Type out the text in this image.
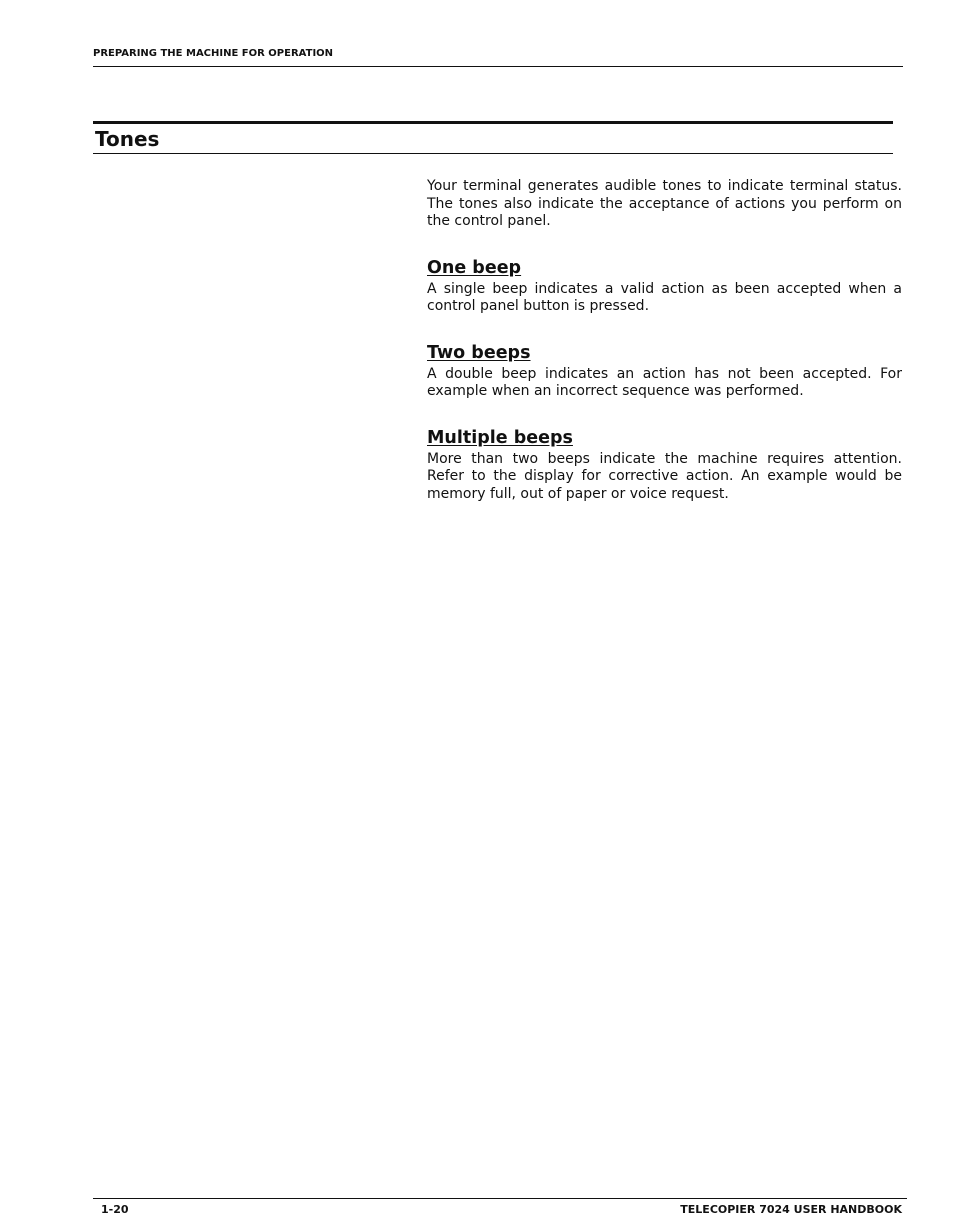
PREPARING THE MACHINE FOR OPERATION
Tones

Your terminal generates audible tones to indicate terminal status. The tones also indicate the acceptance of actions you perform on the control panel.

One beep

A single beep indicates a valid action as been accepted when a control panel button is pressed.

Two beeps

A double beep indicates an action has not been accepted. For example when an incorrect sequence was performed.

Multiple beeps

More than two beeps indicate the machine requires attention. Refer to the display for corrective action. An example would be memory full, out of paper or voice request.

1-20	TELECOPIER 7024 USER HANDBOOK
